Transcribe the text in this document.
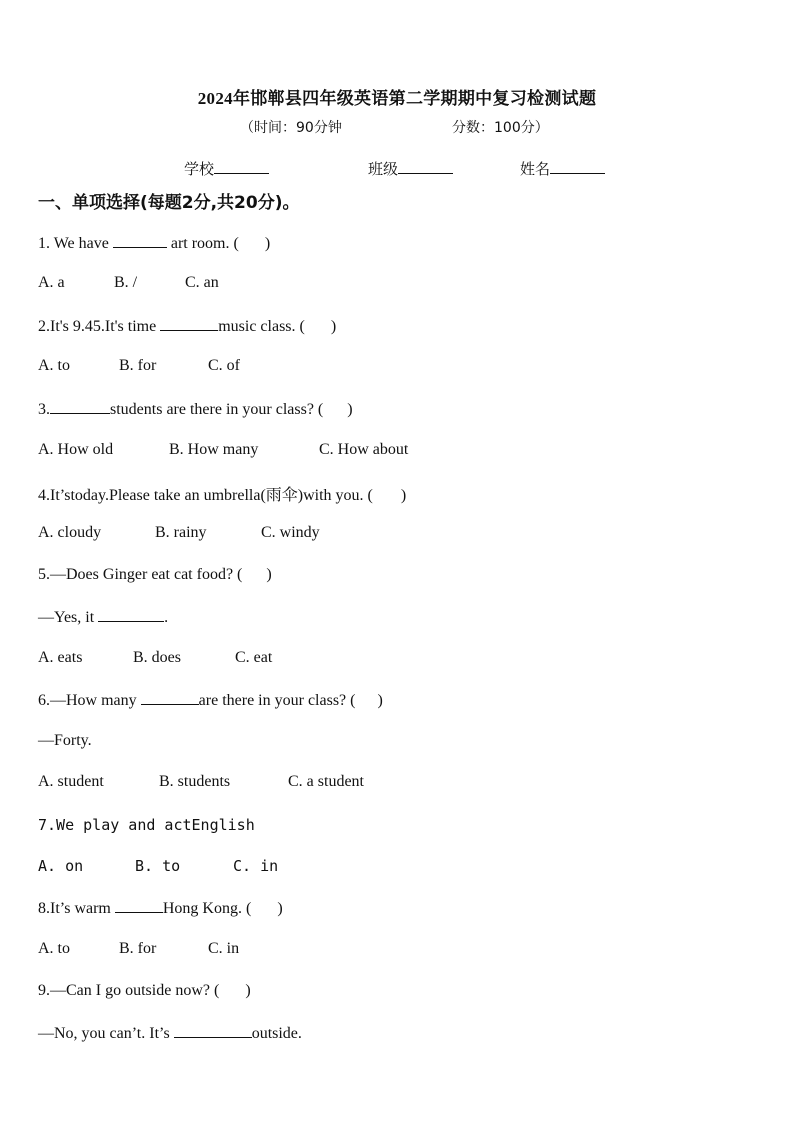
2024年邯郸县四年级英语第二学期期中复习检测试题
（时间：90分钟	分数：100分）
学校	班级	姓名
一、单项选择(每题2分,共20分)。
1. We have	art room. ( )
A. a	B. /	C. an
2.It's 9.45.It's time	music class. ( )
A. to	B. for	C. of
3.	students are there in your class? ( )
A. How old	B. How many	C. How about
4.It’stoday.Please take an umbrella(雨伞)with you. ( )
A. cloudy	B. rainy	C. windy
5.—Does Ginger eat cat food? ( )
—Yes, it	.
A. eats	B. does	C. eat
6.—How many	are there in your class? ( )
—Forty.
A. student	B. students	C. a student
7.We play and actEnglish
A. on	B. to	C. in
8.It’s warm	Hong Kong. ( )
A. to	B. for	C. in
9.—Can I go outside now? ( )
—No, you can’t. It’s	outside.
